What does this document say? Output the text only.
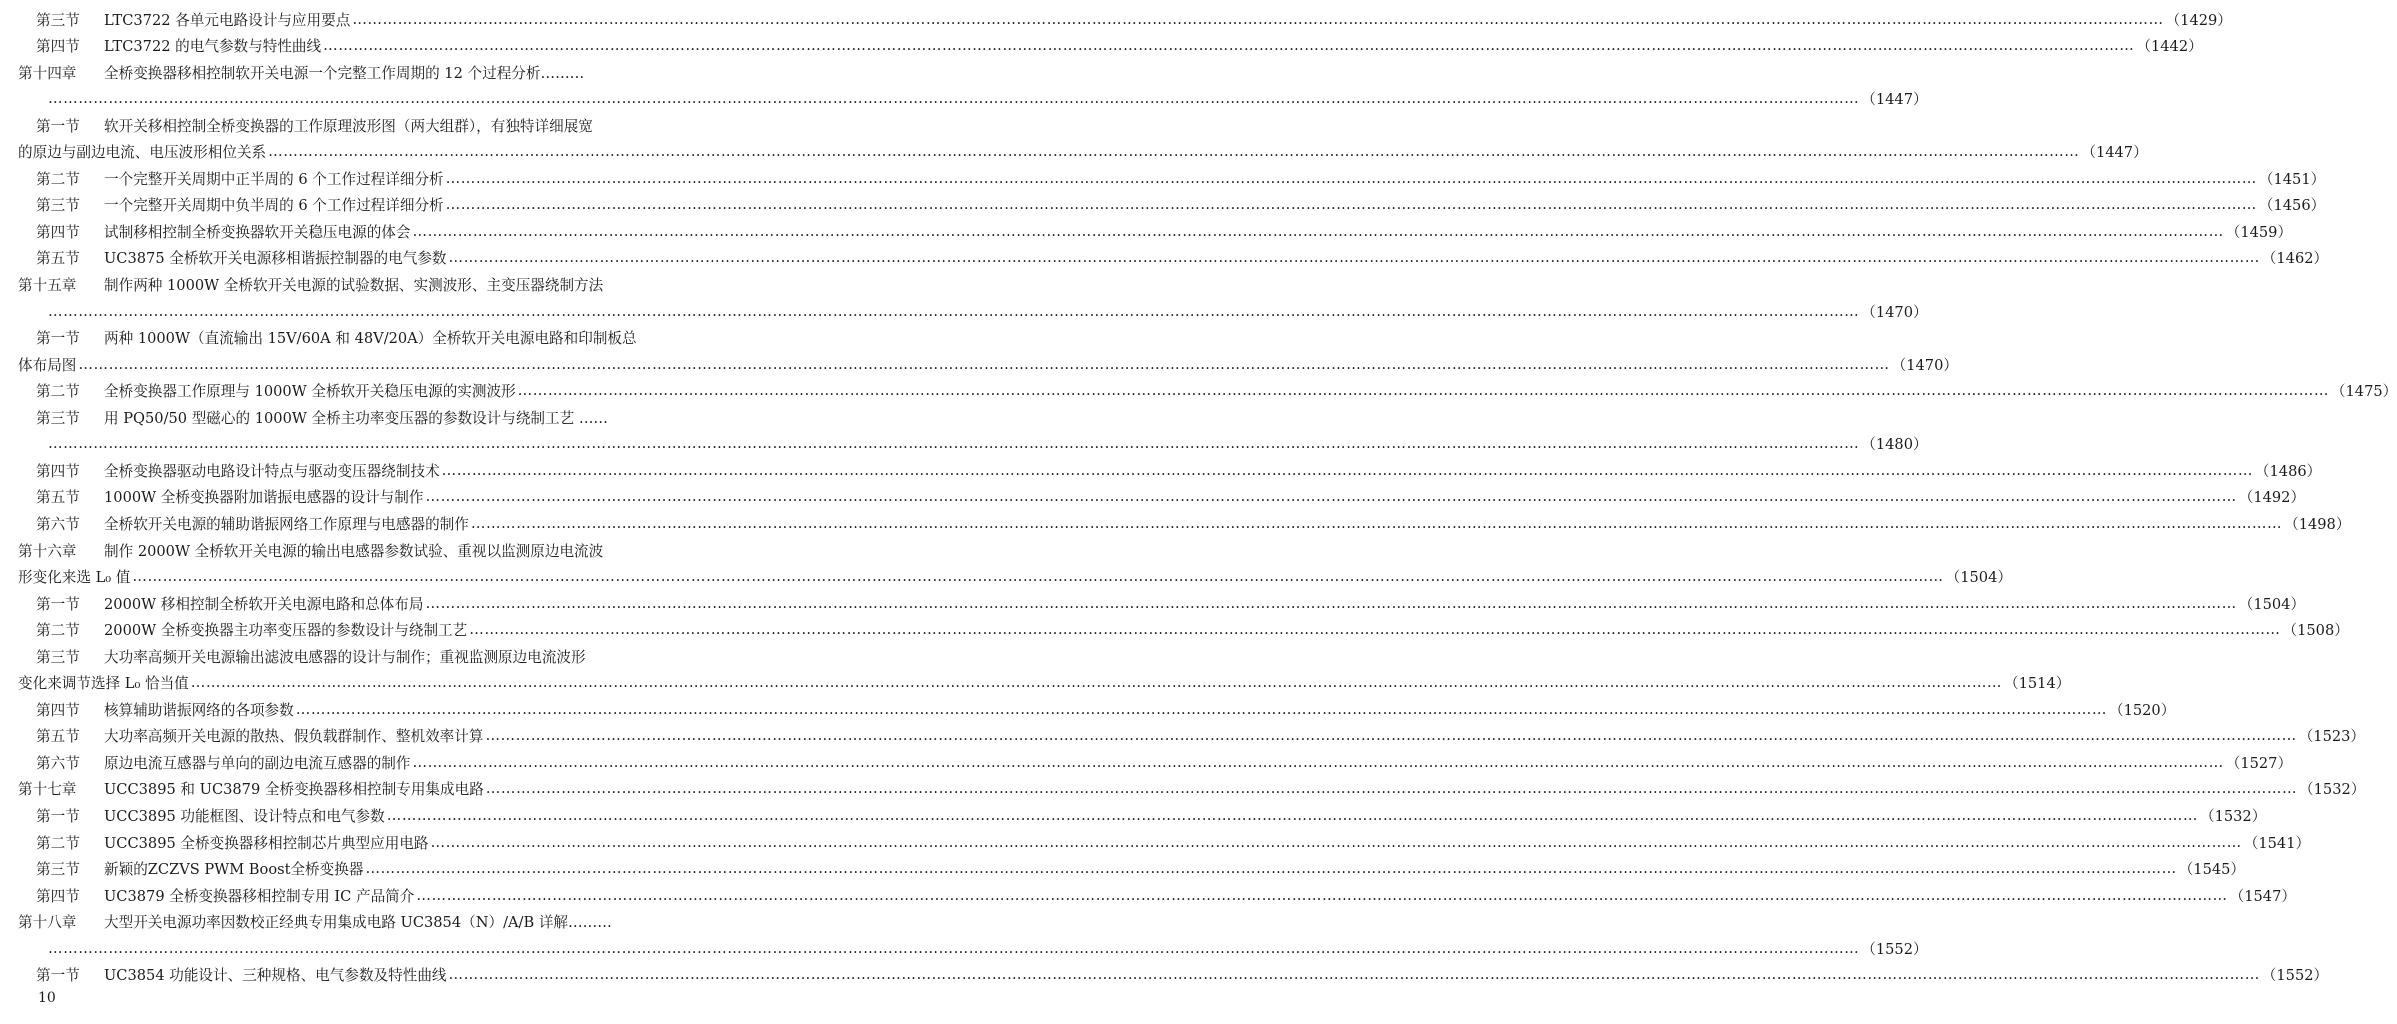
第三节	LTC3722 各单元电路设计与应用要点 ……………………………………………………………………………………………………………………………………………………………………………………………………………………………………………………………………………………………………………………………… （1429）
第四节	LTC3722 的电气参数与特性曲线 ……………………………………………………………………………………………………………………………………………………………………………………………………………………………………………………………………………………………………………………………… （1442）
第十四章	全桥变换器移相控制软开关电源一个完整工作周期的 12 个过程分析………
……………………………………………………………………………………………………………………………………………………………………………………………………………………………………………………………………………………………………………………………… （1447）
第一节	软开关移相控制全桥变换器的工作原理波形图（两大组群），有独特详细展宽
的原边与副边电流、电压波形相位关系 ……………………………………………………………………………………………………………………………………………………………………………………………………………………………………………………………………………………………………………………………… （1447）
第二节	一个完整开关周期中正半周的 6 个工作过程详细分析 ……………………………………………………………………………………………………………………………………………………………………………………………………………………………………………………………………………………………………………………………… （1451）
第三节	一个完整开关周期中负半周的 6 个工作过程详细分析 ……………………………………………………………………………………………………………………………………………………………………………………………………………………………………………………………………………………………………………………………… （1456）
第四节	试制移相控制全桥变换器软开关稳压电源的体会 ……………………………………………………………………………………………………………………………………………………………………………………………………………………………………………………………………………………………………………………………… （1459）
第五节	UC3875 全桥软开关电源移相谐振控制器的电气参数 ……………………………………………………………………………………………………………………………………………………………………………………………………………………………………………………………………………………………………………………………… （1462）
第十五章	制作两种 1000W 全桥软开关电源的试验数据、实测波形、主变压器绕制方法
……………………………………………………………………………………………………………………………………………………………………………………………………………………………………………………………………………………………………………………………… （1470）
第一节	两种 1000W（直流输出 15V/60A 和 48V/20A）全桥软开关电源电路和印制板总
体布局图 ……………………………………………………………………………………………………………………………………………………………………………………………………………………………………………………………………………………………………………………………… （1470）
第二节	全桥变换器工作原理与 1000W 全桥软开关稳压电源的实测波形 ……………………………………………………………………………………………………………………………………………………………………………………………………………………………………………………………………………………………………………………………… （1475）
第三节	用 PQ50/50 型磁心的 1000W 全桥主功率变压器的参数设计与绕制工艺 ……
……………………………………………………………………………………………………………………………………………………………………………………………………………………………………………………………………………………………………………………………… （1480）
第四节	全桥变换器驱动电路设计特点与驱动变压器绕制技术 ……………………………………………………………………………………………………………………………………………………………………………………………………………………………………………………………………………………………………………………………… （1486）
第五节	1000W 全桥变换器附加谐振电感器的设计与制作 ……………………………………………………………………………………………………………………………………………………………………………………………………………………………………………………………………………………………………………………………… （1492）
第六节	全桥软开关电源的辅助谐振网络工作原理与电感器的制作 ……………………………………………………………………………………………………………………………………………………………………………………………………………………………………………………………………………………………………………………………… （1498）
第十六章	制作 2000W 全桥软开关电源的输出电感器参数试验、重视以监测原边电流波
形变化来选 L₀ 值 ……………………………………………………………………………………………………………………………………………………………………………………………………………………………………………………………………………………………………………………………… （1504）
第一节	2000W 移相控制全桥软开关电源电路和总体布局 ……………………………………………………………………………………………………………………………………………………………………………………………………………………………………………………………………………………………………………………………… （1504）
第二节	2000W 全桥变换器主功率变压器的参数设计与绕制工艺 ……………………………………………………………………………………………………………………………………………………………………………………………………………………………………………………………………………………………………………………………… （1508）
第三节	大功率高频开关电源输出滤波电感器的设计与制作；重视监测原边电流波形
变化来调节选择 L₀ 恰当值 ……………………………………………………………………………………………………………………………………………………………………………………………………………………………………………………………………………………………………………………………… （1514）
第四节	核算辅助谐振网络的各项参数 ……………………………………………………………………………………………………………………………………………………………………………………………………………………………………………………………………………………………………………………………… （1520）
第五节	大功率高频开关电源的散热、假负载群制作、整机效率计算 ……………………………………………………………………………………………………………………………………………………………………………………………………………………………………………………………………………………………………………………………… （1523）
第六节	原边电流互感器与单向的副边电流互感器的制作 ……………………………………………………………………………………………………………………………………………………………………………………………………………………………………………………………………………………………………………………………… （1527）
第十七章	UCC3895 和 UC3879 全桥变换器移相控制专用集成电路 ……………………………………………………………………………………………………………………………………………………………………………………………………………………………………………………………………………………………………………………………… （1532）
第一节	UCC3895 功能框图、设计特点和电气参数 ……………………………………………………………………………………………………………………………………………………………………………………………………………………………………………………………………………………………………………………………… （1532）
第二节	UCC3895 全桥变换器移相控制芯片典型应用电路 ……………………………………………………………………………………………………………………………………………………………………………………………………………………………………………………………………………………………………………………………… （1541）
第三节	新颖的ZCZVS PWM Boost全桥变换器 ……………………………………………………………………………………………………………………………………………………………………………………………………………………………………………………………………………………………………………………………… （1545）
第四节	UC3879 全桥变换器移相控制专用 IC 产品简介 ……………………………………………………………………………………………………………………………………………………………………………………………………………………………………………………………………………………………………………………………… （1547）
第十八章	大型开关电源功率因数校正经典专用集成电路 UC3854（N）/A/B 详解………
……………………………………………………………………………………………………………………………………………………………………………………………………………………………………………………………………………………………………………………………… （1552）
第一节	UC3854 功能设计、三种规格、电气参数及特性曲线 ……………………………………………………………………………………………………………………………………………………………………………………………………………………………………………………………………………………………………………………………… （1552）
10
